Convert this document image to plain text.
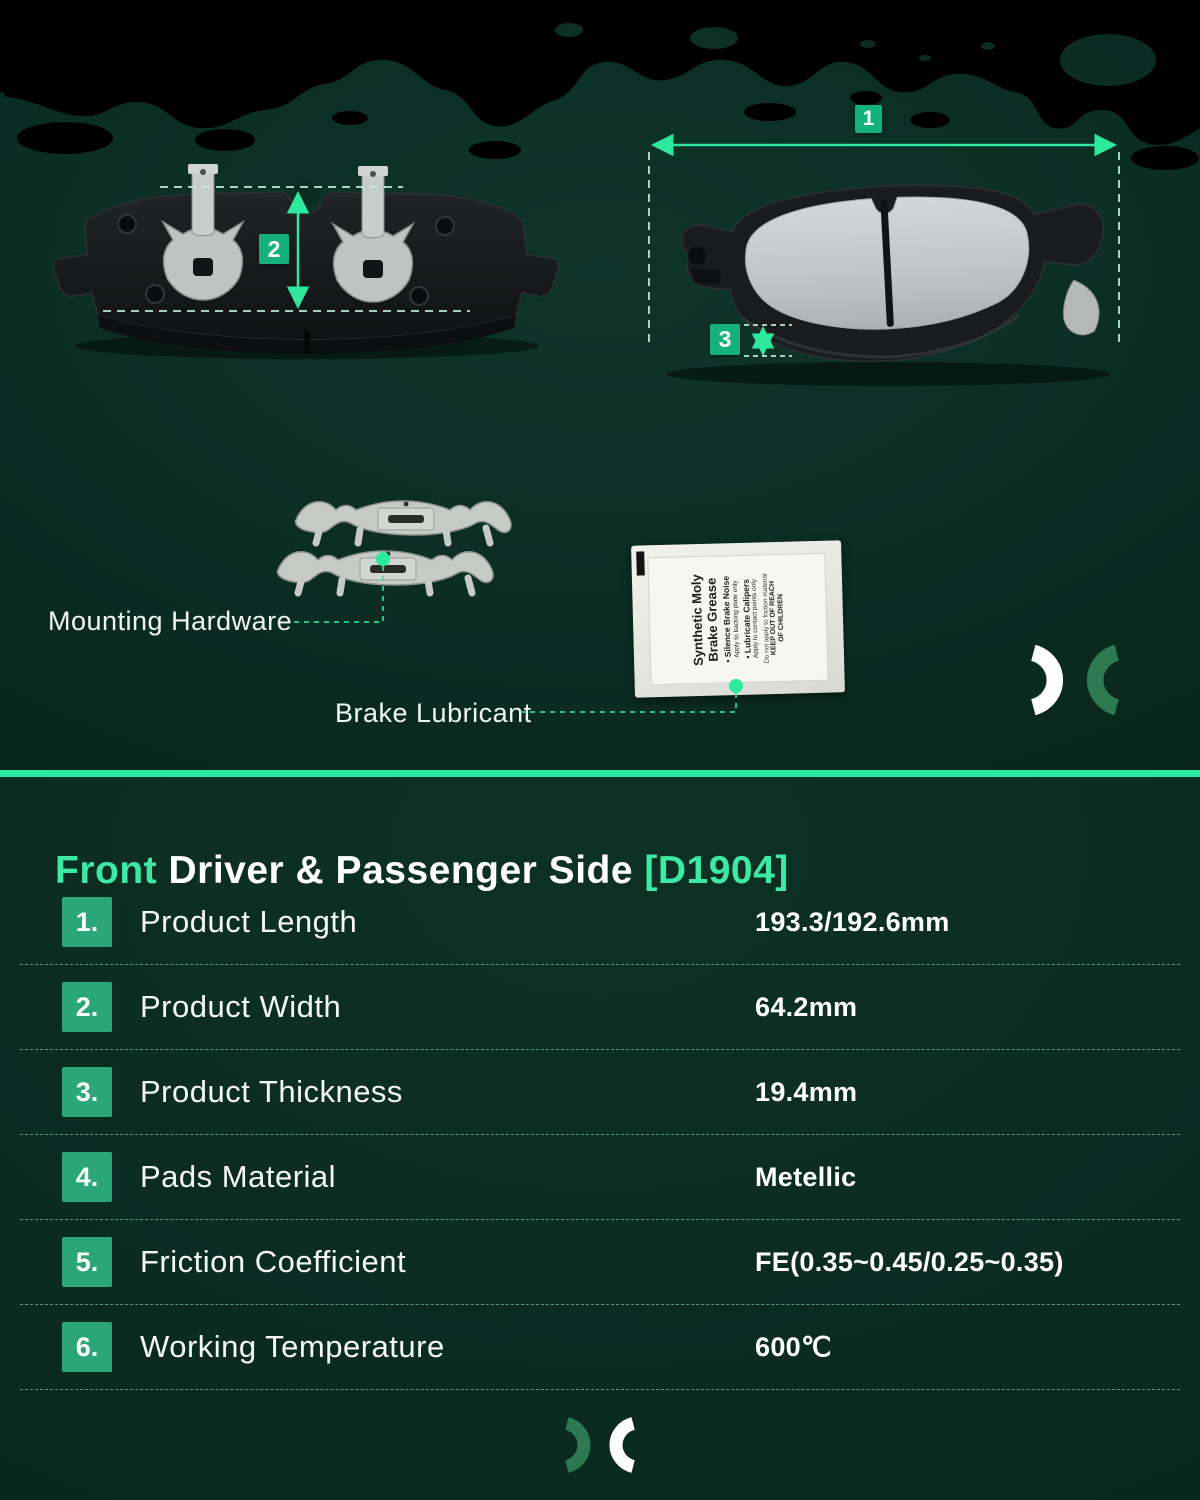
Synthetic Moly
Brake Grease • Silence Brake Noise
Apply to backing plate only • Lubricate Calipers
Apply to contact points only Do not apply to friction material
KEEP OUT OF REACH OF CHILDREN
1
2
3
Mounting Hardware
Brake Lubricant
Front Driver & Passenger Side [D1904]
1.	Product Length	193.3/192.6mm
2.	Product Width	64.2mm
3.	Product Thickness	19.4mm
4.	Pads Material	Metellic
5.	Friction Coefficient	FE(0.35~0.45/0.25~0.35)
6.	Working Temperature	600℃
